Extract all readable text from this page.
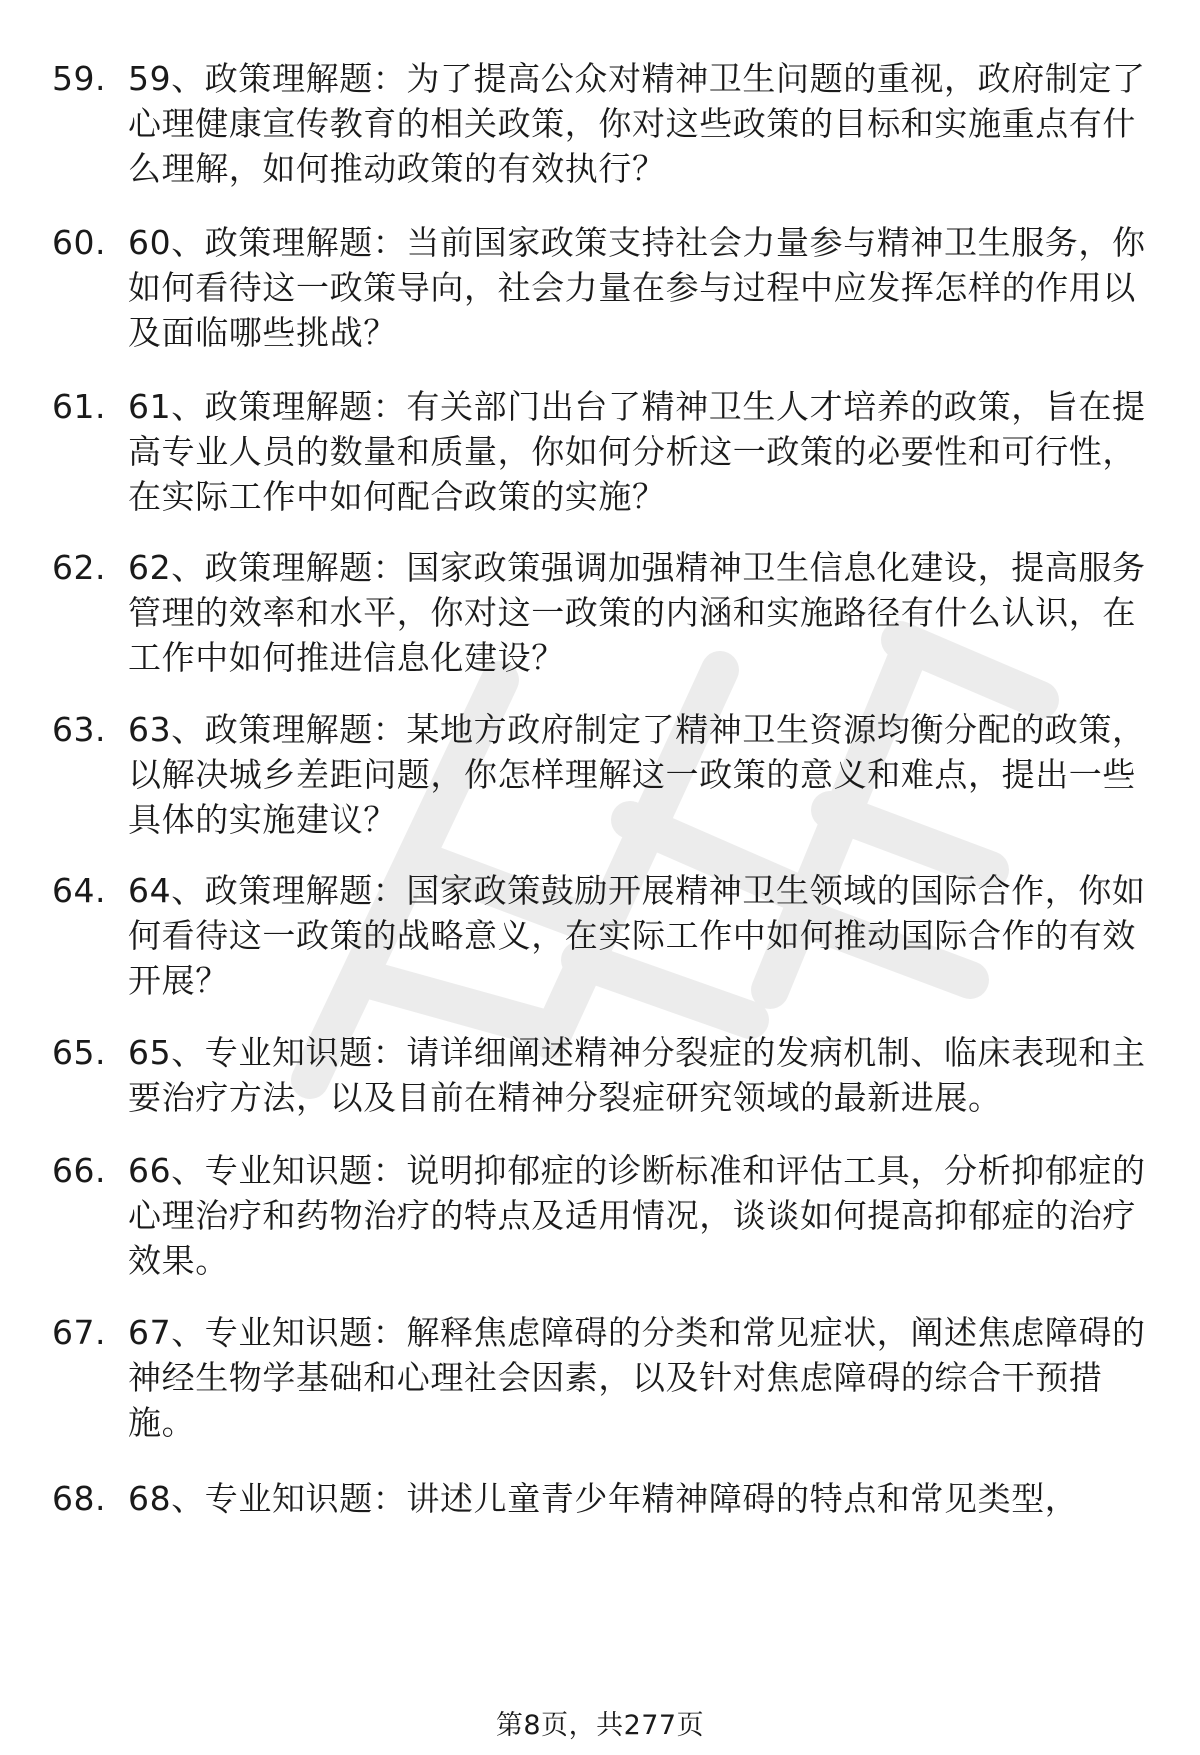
59. 59、政策理解题：为了提高公众对精神卫生问题的重视，政府制定了心理健康宣传教育的相关政策，你对这些政策的目标和实施重点有什么理解，如何推动政策的有效执行？
60. 60、政策理解题：当前国家政策支持社会力量参与精神卫生服务，你如何看待这一政策导向，社会力量在参与过程中应发挥怎样的作用以及面临哪些挑战？
61. 61、政策理解题：有关部门出台了精神卫生人才培养的政策，旨在提高专业人员的数量和质量，你如何分析这一政策的必要性和可行性，在实际工作中如何配合政策的实施？
62. 62、政策理解题：国家政策强调加强精神卫生信息化建设，提高服务管理的效率和水平，你对这一政策的内涵和实施路径有什么认识，在工作中如何推进信息化建设？
63. 63、政策理解题：某地方政府制定了精神卫生资源均衡分配的政策，以解决城乡差距问题，你怎样理解这一政策的意义和难点，提出一些具体的实施建议？
64. 64、政策理解题：国家政策鼓励开展精神卫生领域的国际合作，你如何看待这一政策的战略意义，在实际工作中如何推动国际合作的有效开展？
65. 65、专业知识题：请详细阐述精神分裂症的发病机制、临床表现和主要治疗方法，以及目前在精神分裂症研究领域的最新进展。
66. 66、专业知识题：说明抑郁症的诊断标准和评估工具，分析抑郁症的心理治疗和药物治疗的特点及适用情况，谈谈如何提高抑郁症的治疗效果。
67. 67、专业知识题：解释焦虑障碍的分类和常见症状，阐述焦虑障碍的神经生物学基础和心理社会因素，以及针对焦虑障碍的综合干预措施。
68. 68、专业知识题：讲述儿童青少年精神障碍的特点和常见类型，
第8页，共277页
